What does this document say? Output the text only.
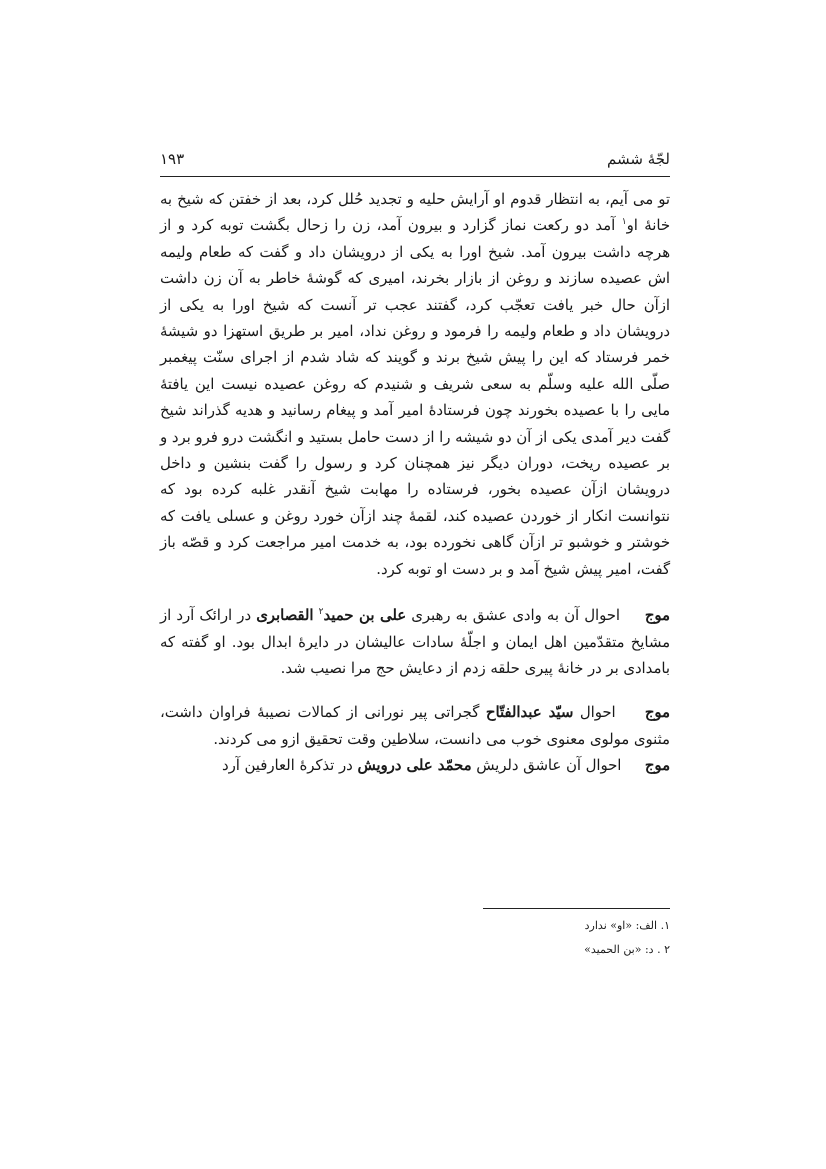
لجّهٔ ششم
۱۹۳

تو می آیم، به انتظار قدوم او آرایش حلیه و تجدید حُلل کرد، بعد از خفتن که شیخ به خانهٔ او$^۱$ آمد دو رکعت نماز گزارد و بیرون آمد، زن را زحال بگشت توبه کرد و از هرچه داشت بیرون آمد. شیخ اورا به یکی از درویشان داد و گفت که طعام ولیمه اش عصیده سازند و روغن از بازار بخرند، امیری که گوشهٔ خاطر به آن زن داشت ازآن حال خبر یافت تعجّب کرد، گفتند عجب تر آنست که شیخ اورا به یکی از درویشان داد و طعام ولیمه را فرمود و روغن نداد، امیر بر طریق استهزا دو شیشهٔ خمر فرستاد که این را پیش شیخ برند و گویند که شاد شدم از اجرای سنّت پیغمبر صلّی الله علیه وسلّم به سعی شریف و شنیدم که روغن عصیده نیست این یافتهٔ مایی را با عصیده بخورند چون فرستادهٔ امیر آمد و پیغام رسانید و هدیه گذراند شیخ گفت دیر آمدی یکی از آن دو شیشه را از دست حامل بستید و انگشت درو فرو برد و بر عصیده ریخت، دوران دیگر نیز همچنان کرد و رسول را گفت بنشین و داخل درویشان ازآن عصیده بخور، فرستاده را مهابت شیخ آنقدر غلبه کرده بود که نتوانست انکار از خوردن عصیده کند، لقمهٔ چند ازآن خورد روغن و عسلی یافت که خوشتر و خوشبو تر ازآن گاهی نخورده بود، به خدمت امیر مراجعت کرد و قصّه باز گفت، امیر پیش شیخ آمد و بر دست او توبه کرد.

موجاحوال آن به وادی عشق به رهبری علی بن حمید$^۲$ القصابری در ارائک آرد از مشایخ متقدّمین اهل ایمان و اجلّهٔ سادات عالیشان در دایرهٔ ابدال بود. او گفته که بامدادی بر در خانهٔ پیری حلقه زدم از دعایش حج مرا نصیب شد.

موجاحوال سیّد عبدالفتّاح گجراتی پیر نورانی از کمالات نصیبهٔ فراوان داشت، مثنوی مولوی معنوی خوب می دانست، سلاطین وقت تحقیق ازو می کردند.

موجاحوال آن عاشق دلریش محمّد علی درویش در تذکرهٔ العارفین آرد

۱. الف: «او» ندارد

۲ . د: «بن الحمید»
